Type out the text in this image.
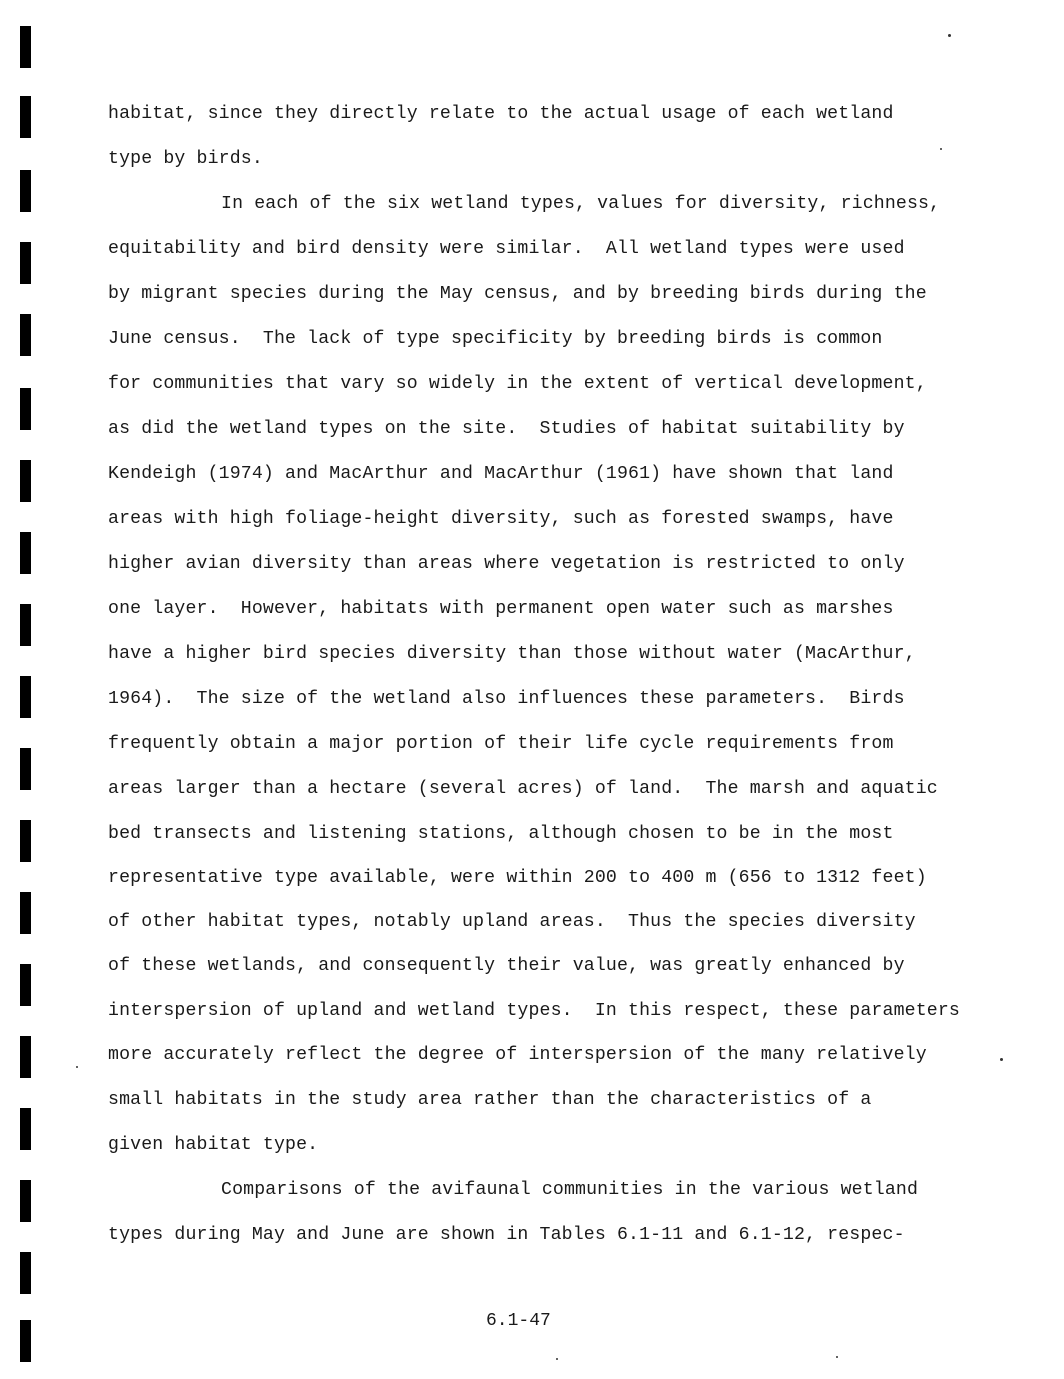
habitat, since they directly relate to the actual usage of each wetland
type by birds.
In each of the six wetland types, values for diversity, richness,
equitability and bird density were similar.  All wetland types were used
by migrant species during the May census, and by breeding birds during the
June census.  The lack of type specificity by breeding birds is common
for communities that vary so widely in the extent of vertical development,
as did the wetland types on the site.  Studies of habitat suitability by
Kendeigh (1974) and MacArthur and MacArthur (1961) have shown that land
areas with high foliage-height diversity, such as forested swamps, have
higher avian diversity than areas where vegetation is restricted to only
one layer.  However, habitats with permanent open water such as marshes
have a higher bird species diversity than those without water (MacArthur,
1964).  The size of the wetland also influences these parameters.  Birds
frequently obtain a major portion of their life cycle requirements from
areas larger than a hectare (several acres) of land.  The marsh and aquatic
bed transects and listening stations, although chosen to be in the most
representative type available, were within 200 to 400 m (656 to 1312 feet)
of other habitat types, notably upland areas.  Thus the species diversity
of these wetlands, and consequently their value, was greatly enhanced by
interspersion of upland and wetland types.  In this respect, these parameters
more accurately reflect the degree of interspersion of the many relatively
small habitats in the study area rather than the characteristics of a
given habitat type.
Comparisons of the avifaunal communities in the various wetland
types during May and June are shown in Tables 6.1-11 and 6.1-12, respec-
6.1-47
